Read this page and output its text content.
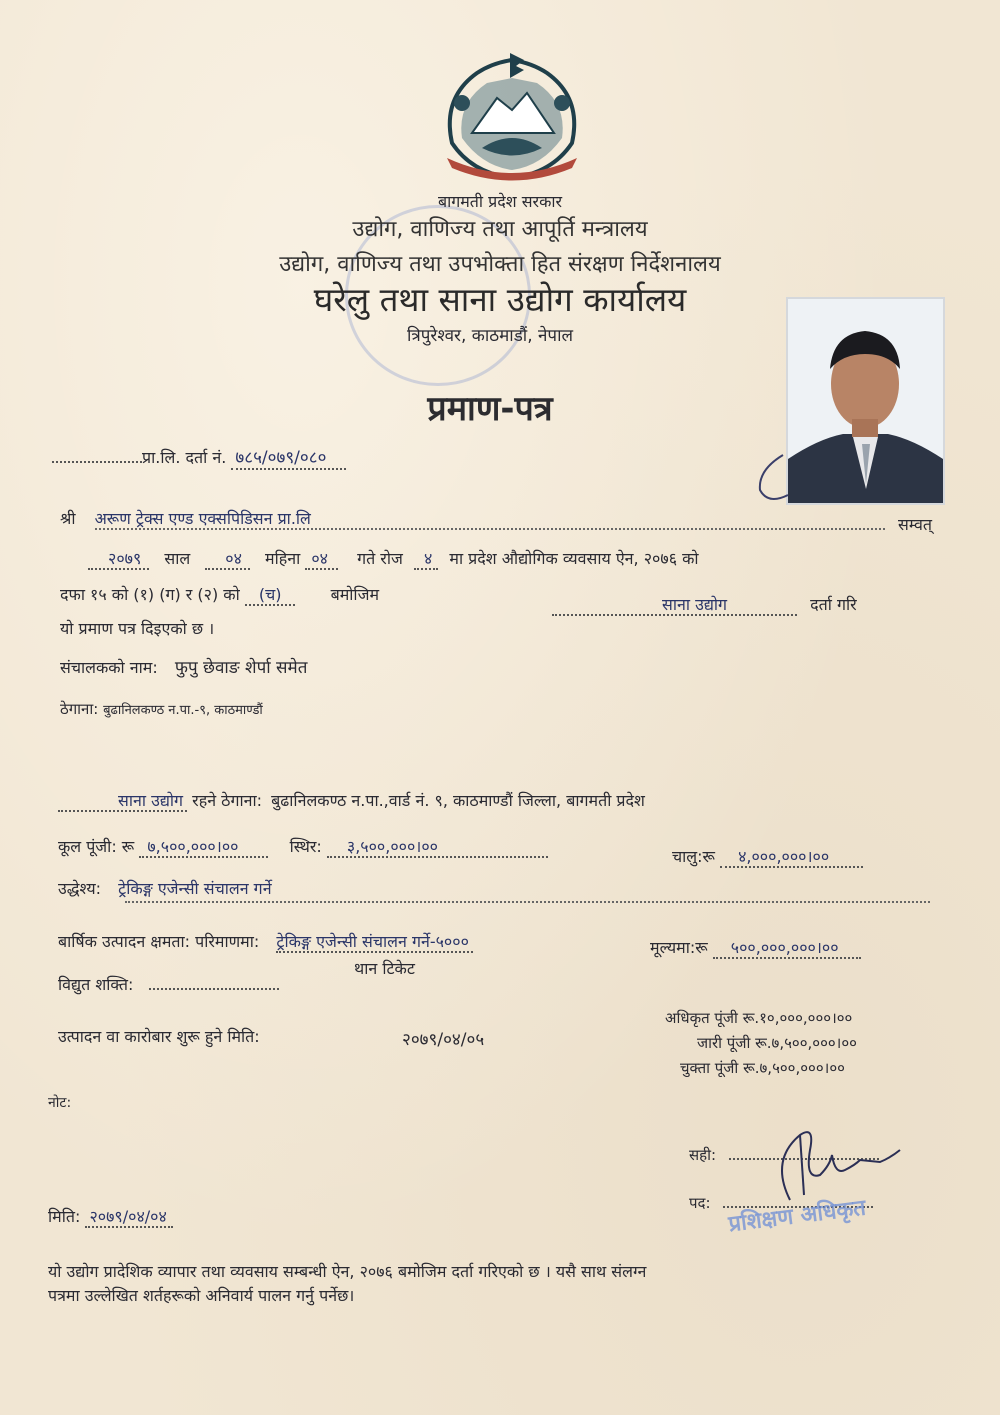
बागमती प्रदेश सरकार
उद्योग, वाणिज्य तथा आपूर्ति मन्त्रालय
उद्योग, वाणिज्य तथा उपभोक्ता हित संरक्षण निर्देशनालय
घरेलु तथा साना उद्योग कार्यालय
त्रिपुरेश्वर, काठमाडौं, नेपाल
प्रमाण-पत्र
प्रा.लि. दर्ता नं. ७८५/०७९/०८०
श्री अरूण ट्रेक्स एण्ड एक्सपिडिसन प्रा.लि	सम्वत्
२०७९ साल ०४ महिना ०४ गते रोज ४ मा प्रदेश औद्योगिक व्यवसाय ऐन, २०७६ को
दफा १५ को (१) (ग) र (२) को (च)	बमोजिम
साना उद्योग	दर्ता गरि
यो प्रमाण पत्र दिइएको छ ।
संचालकको नाम: फुपु छेवाङ शेर्पा समेत
ठेगाना: बुढानिलकण्ठ न.पा.-९, काठमाण्डौं
साना उद्योग रहने ठेगाना: बुढानिलकण्ठ न.पा.,वार्ड नं. ९, काठमाण्डौं जिल्ला, बागमती प्रदेश
कूल पूंजी: रू ७,५००,०००।००	स्थिर: ३,५००,०००।००
चालु:रू ४,०००,०००।००
उद्धेश्य: ट्रेकिङ्ग एजेन्सी संचालन गर्ने
बार्षिक उत्पादन क्षमता: परिमाणमा: ट्रेकिङ्ग एजेन्सी संचालन गर्ने-५०००	मूल्यमा:रू ५००,०००,०००।००
थान टिकेट
विद्युत शक्ति:
अधिकृत पूंजी रू.१०,०००,०००।००
जारी पूंजी रू.७,५००,०००।००
चुक्ता पूंजी रू.७,५००,०००।००
उत्पादन वा कारोबार शुरू हुने मिति:	२०७९/०४/०५
नोट:
सही:
पद: प्रशिक्षण अधिकृत
मिति: २०७९/०४/०४
यो उद्योग प्रादेशिक व्यापार तथा व्यवसाय सम्बन्धी ऐन, २०७६ बमोजिम दर्ता गरिएको छ । यसै साथ संलग्न
पत्रमा उल्लेखित शर्तहरूको अनिवार्य पालन गर्नु पर्नेछ।
